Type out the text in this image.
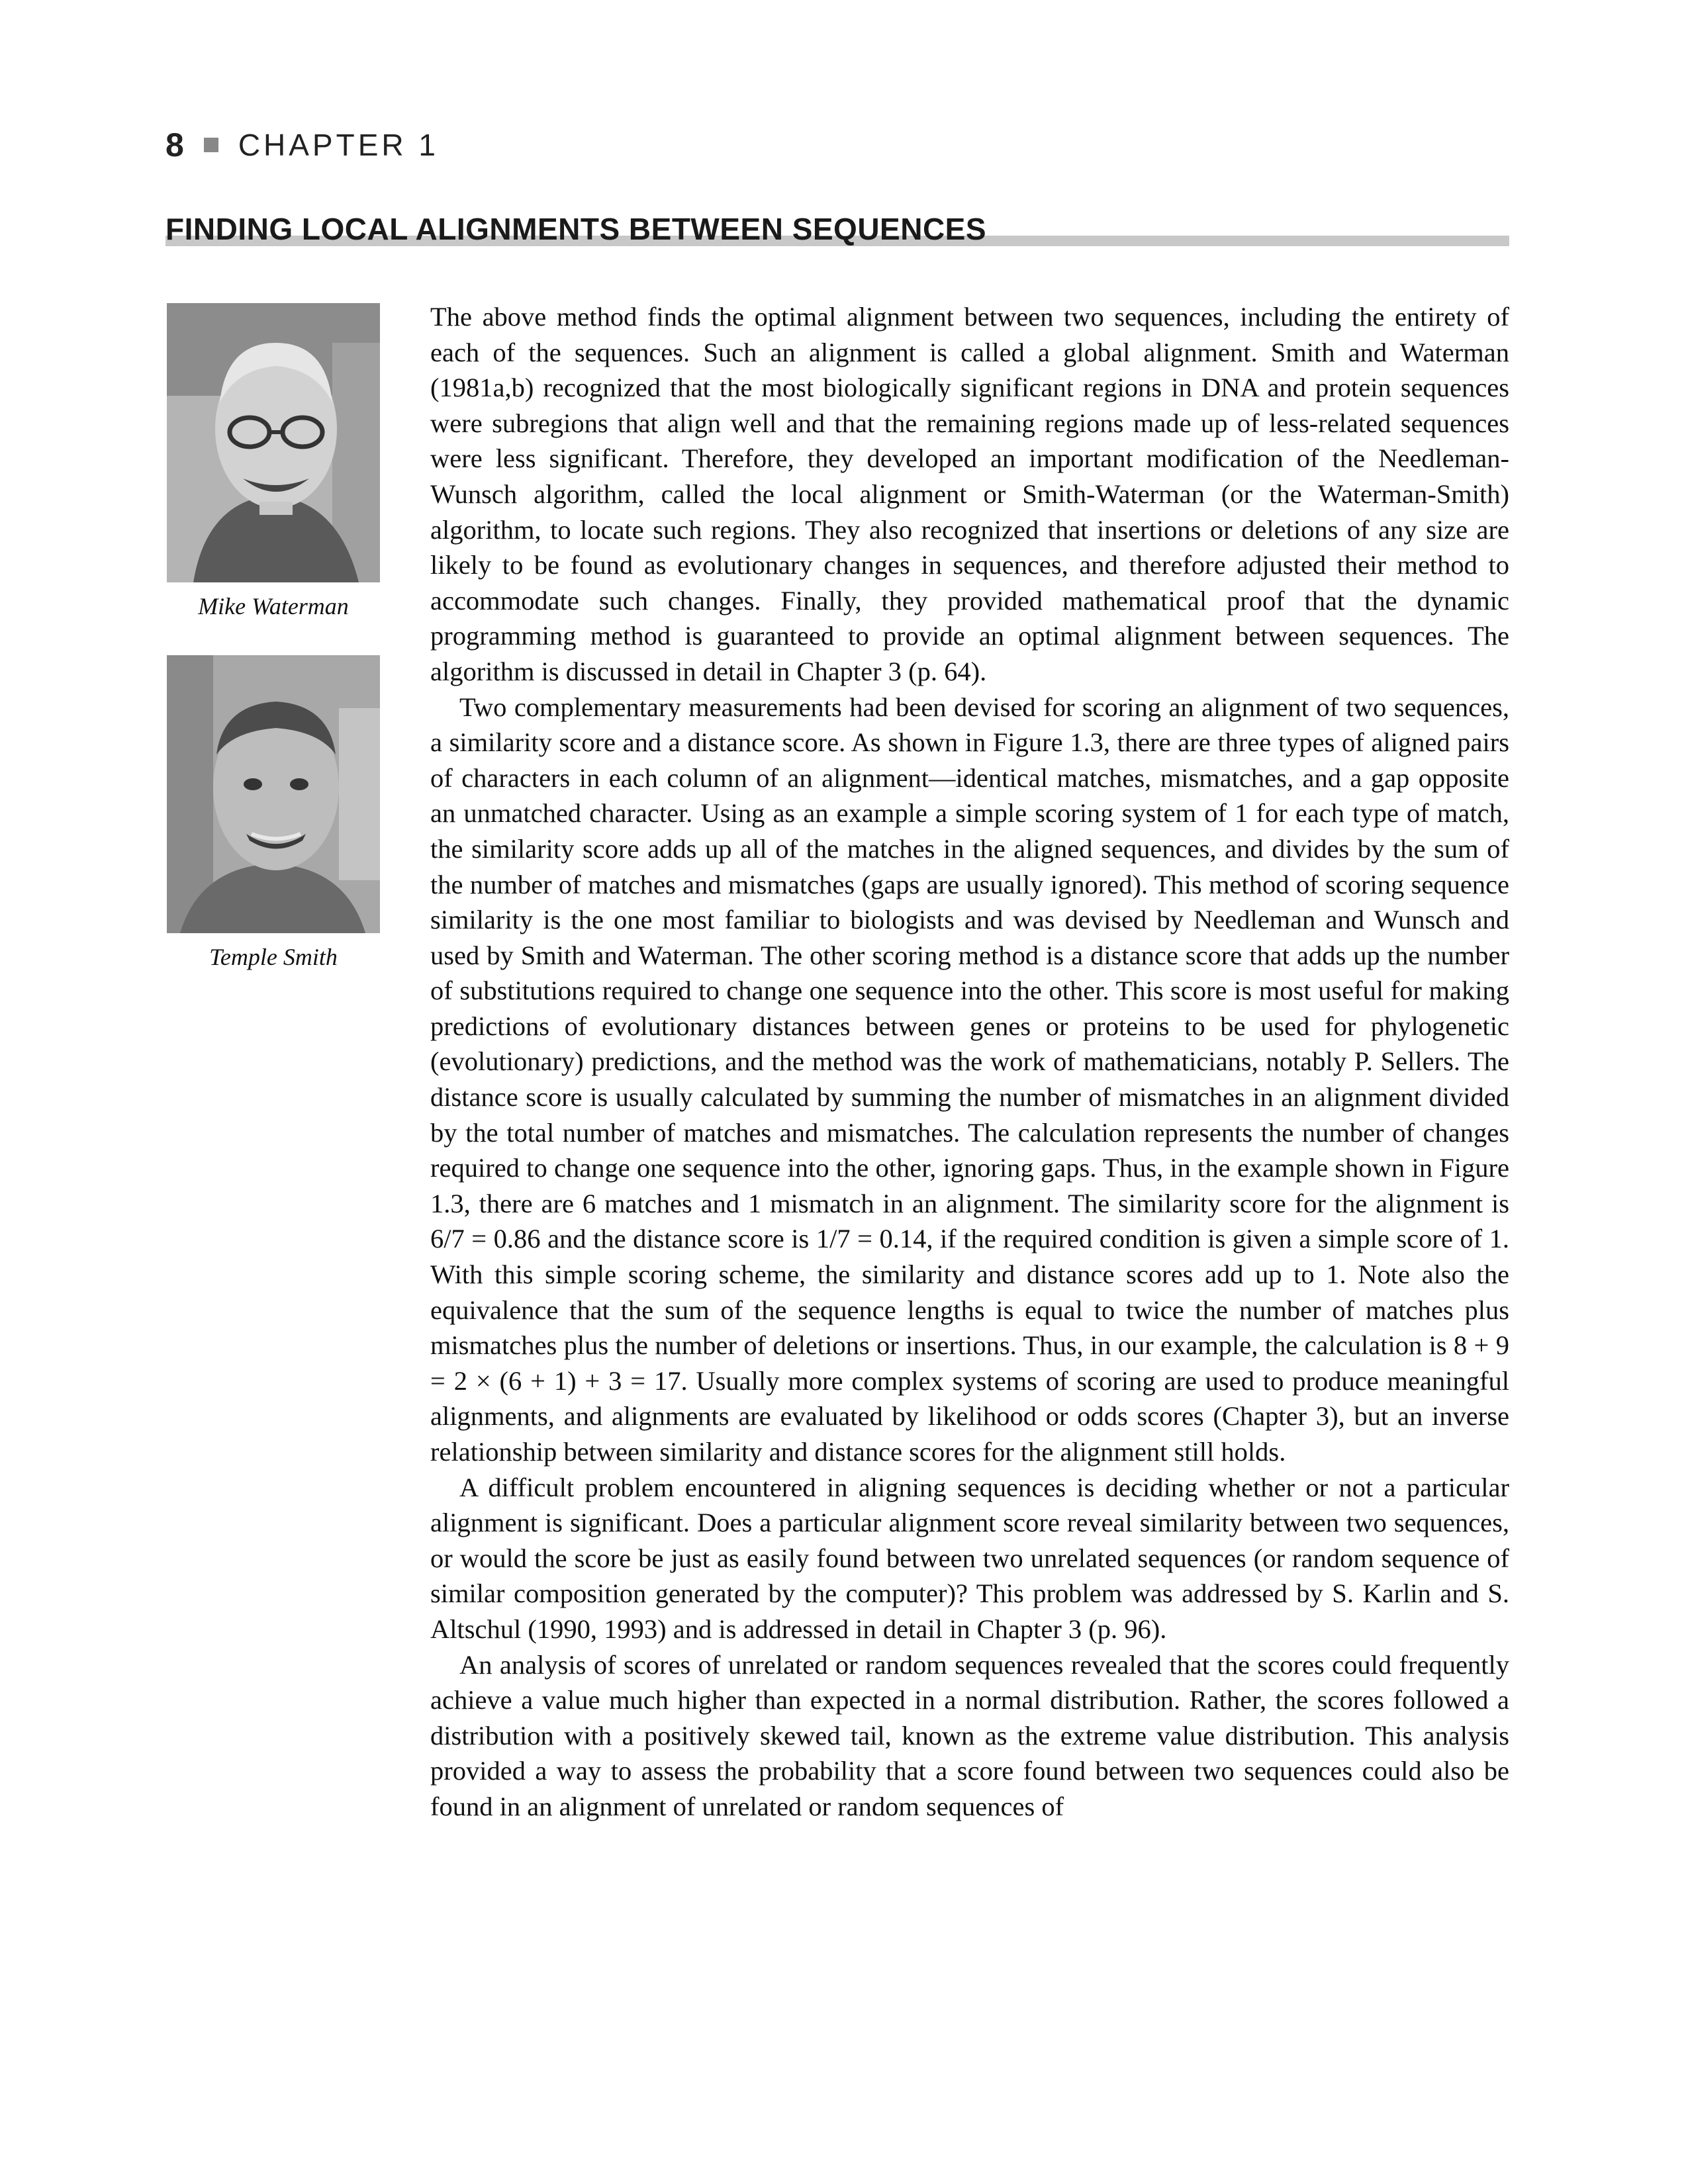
8 CHAPTER 1
FINDING LOCAL ALIGNMENTS BETWEEN SEQUENCES
Mike Waterman
Temple Smith

The above method finds the optimal alignment between two sequences, including the entirety of each of the sequences. Such an alignment is called a global alignment. Smith and Waterman (1981a,b) recognized that the most biologically significant regions in DNA and protein sequences were subregions that align well and that the remaining regions made up of less-related sequences were less significant. Therefore, they developed an important modification of the Needleman-Wunsch algorithm, called the local alignment or Smith-Waterman (or the Waterman-Smith) algorithm, to locate such regions. They also recognized that insertions or deletions of any size are likely to be found as evolutionary changes in sequences, and therefore adjusted their method to accommodate such changes. Finally, they provided mathematical proof that the dynamic programming method is guaranteed to provide an optimal alignment between sequences. The algorithm is discussed in detail in Chapter 3 (p. 64).

Two complementary measurements had been devised for scoring an alignment of two sequences, a similarity score and a distance score. As shown in Figure 1.3, there are three types of aligned pairs of characters in each column of an alignment—identical matches, mismatches, and a gap opposite an unmatched character. Using as an example a simple scoring system of 1 for each type of match, the similarity score adds up all of the matches in the aligned sequences, and divides by the sum of the number of matches and mismatches (gaps are usually ignored). This method of scoring sequence similarity is the one most familiar to biologists and was devised by Needleman and Wunsch and used by Smith and Waterman. The other scoring method is a distance score that adds up the number of substitutions required to change one sequence into the other. This score is most useful for making predictions of evolutionary distances between genes or proteins to be used for phylogenetic (evolutionary) predictions, and the method was the work of mathematicians, notably P. Sellers. The distance score is usually calculated by summing the number of mismatches in an alignment divided by the total number of matches and mismatches. The calculation represents the number of changes required to change one sequence into the other, ignoring gaps. Thus, in the example shown in Figure 1.3, there are 6 matches and 1 mismatch in an alignment. The similarity score for the alignment is 6/7 = 0.86 and the distance score is 1/7 = 0.14, if the required condition is given a simple score of 1. With this simple scoring scheme, the similarity and distance scores add up to 1. Note also the equivalence that the sum of the sequence lengths is equal to twice the number of matches plus mismatches plus the number of deletions or insertions. Thus, in our example, the calculation is 8 + 9 = 2 × (6 + 1) + 3 = 17. Usually more complex systems of scoring are used to produce meaningful alignments, and alignments are evaluated by likelihood or odds scores (Chapter 3), but an inverse relationship between similarity and distance scores for the alignment still holds.

A difficult problem encountered in aligning sequences is deciding whether or not a particular alignment is significant. Does a particular alignment score reveal similarity between two sequences, or would the score be just as easily found between two unrelated sequences (or random sequence of similar composition generated by the computer)? This problem was addressed by S. Karlin and S. Altschul (1990, 1993) and is addressed in detail in Chapter 3 (p. 96).

An analysis of scores of unrelated or random sequences revealed that the scores could frequently achieve a value much higher than expected in a normal distribution. Rather, the scores followed a distribution with a positively skewed tail, known as the extreme value distribution. This analysis provided a way to assess the probability that a score found between two sequences could also be found in an alignment of unrelated or random sequences of
